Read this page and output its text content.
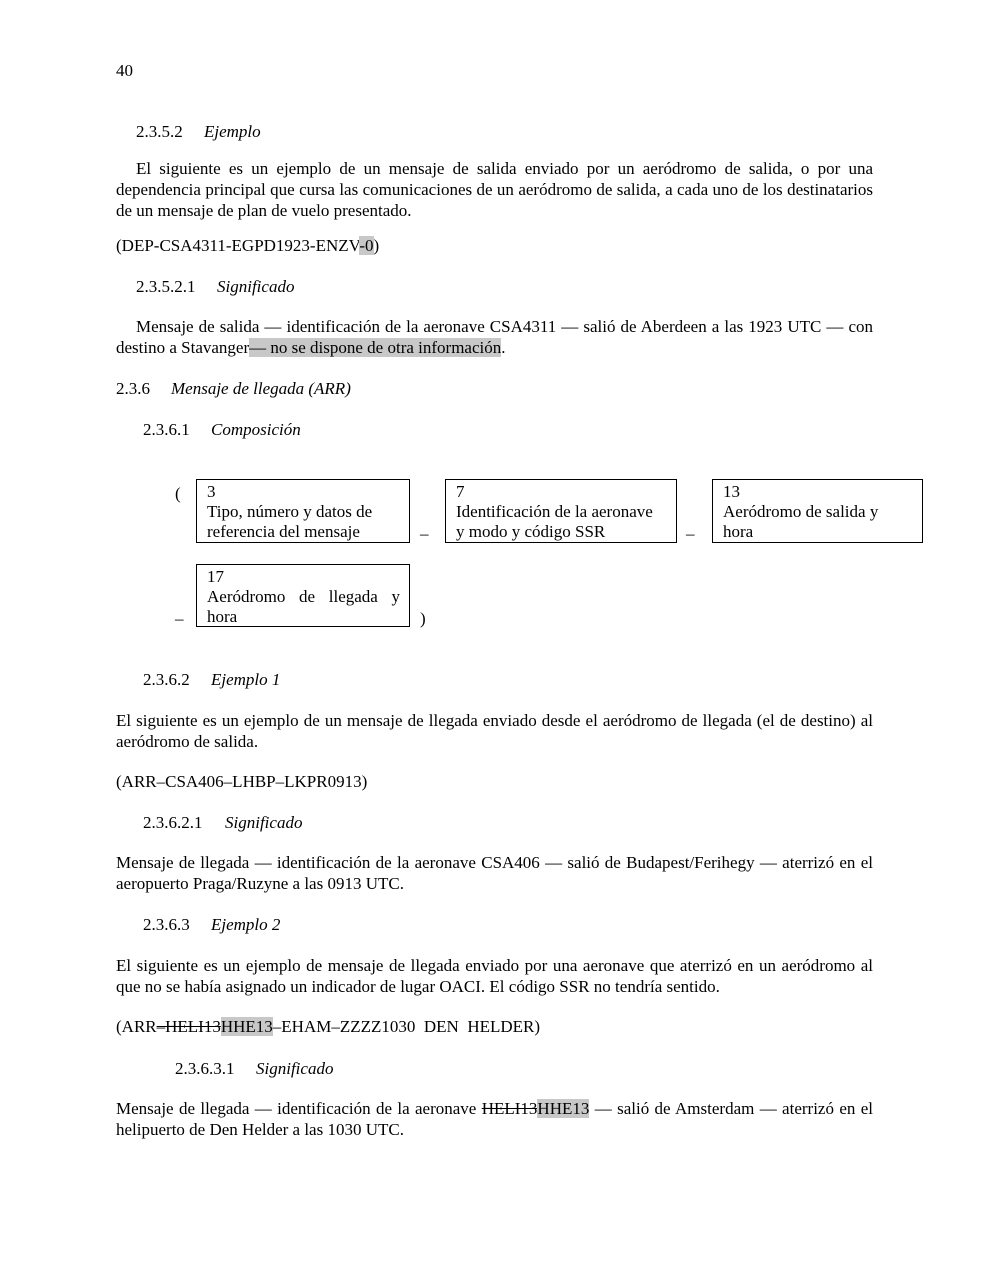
40
2.3.5.2 Ejemplo
El siguiente es un ejemplo de un mensaje de salida enviado por un aeródromo de salida, o por una dependencia principal que cursa las comunicaciones de un aeródromo de salida, a cada uno de los destinatarios de un mensaje de plan de vuelo presentado.
(DEP-CSA4311-EGPD1923-ENZV-0)
2.3.5.2.1 Significado
Mensaje de salida — identificación de la aeronave CSA4311 — salió de Aberdeen a las 1923 UTC — con destino a Stavanger— no se dispone de otra información.
2.3.6 Mensaje de llegada (ARR)
2.3.6.1 Composición
( 3
Tipo, número y datos de
referencia del mensaje	–
7
Identificación de la aeronave
y modo y código SSR	–
13
Aeródromo de salida y
hora
–
17
Aeródromo de llegada y
hora	)
2.3.6.2 Ejemplo 1
El siguiente es un ejemplo de un mensaje de llegada enviado desde el aeródromo de llegada (el de destino) al aeródromo de salida.
(ARR–CSA406–LHBP–LKPR0913)
2.3.6.2.1 Significado
Mensaje de llegada — identificación de la aeronave CSA406 — salió de Budapest/Ferihegy — aterrizó en el aeropuerto Praga/Ruzyne a las 0913 UTC.
2.3.6.3 Ejemplo 2
El siguiente es un ejemplo de mensaje de llegada enviado por una aeronave que aterrizó en un aeródromo al que no se había asignado un indicador de lugar OACI. El código SSR no tendría sentido.
(ARR–HELI13HHE13–EHAM–ZZZZ1030  DEN  HELDER)
2.3.6.3.1 Significado
Mensaje de llegada — identificación de la aeronave HELI13HHE13 — salió de Amsterdam — aterrizó en el helipuerto de Den Helder a las 1030 UTC.
